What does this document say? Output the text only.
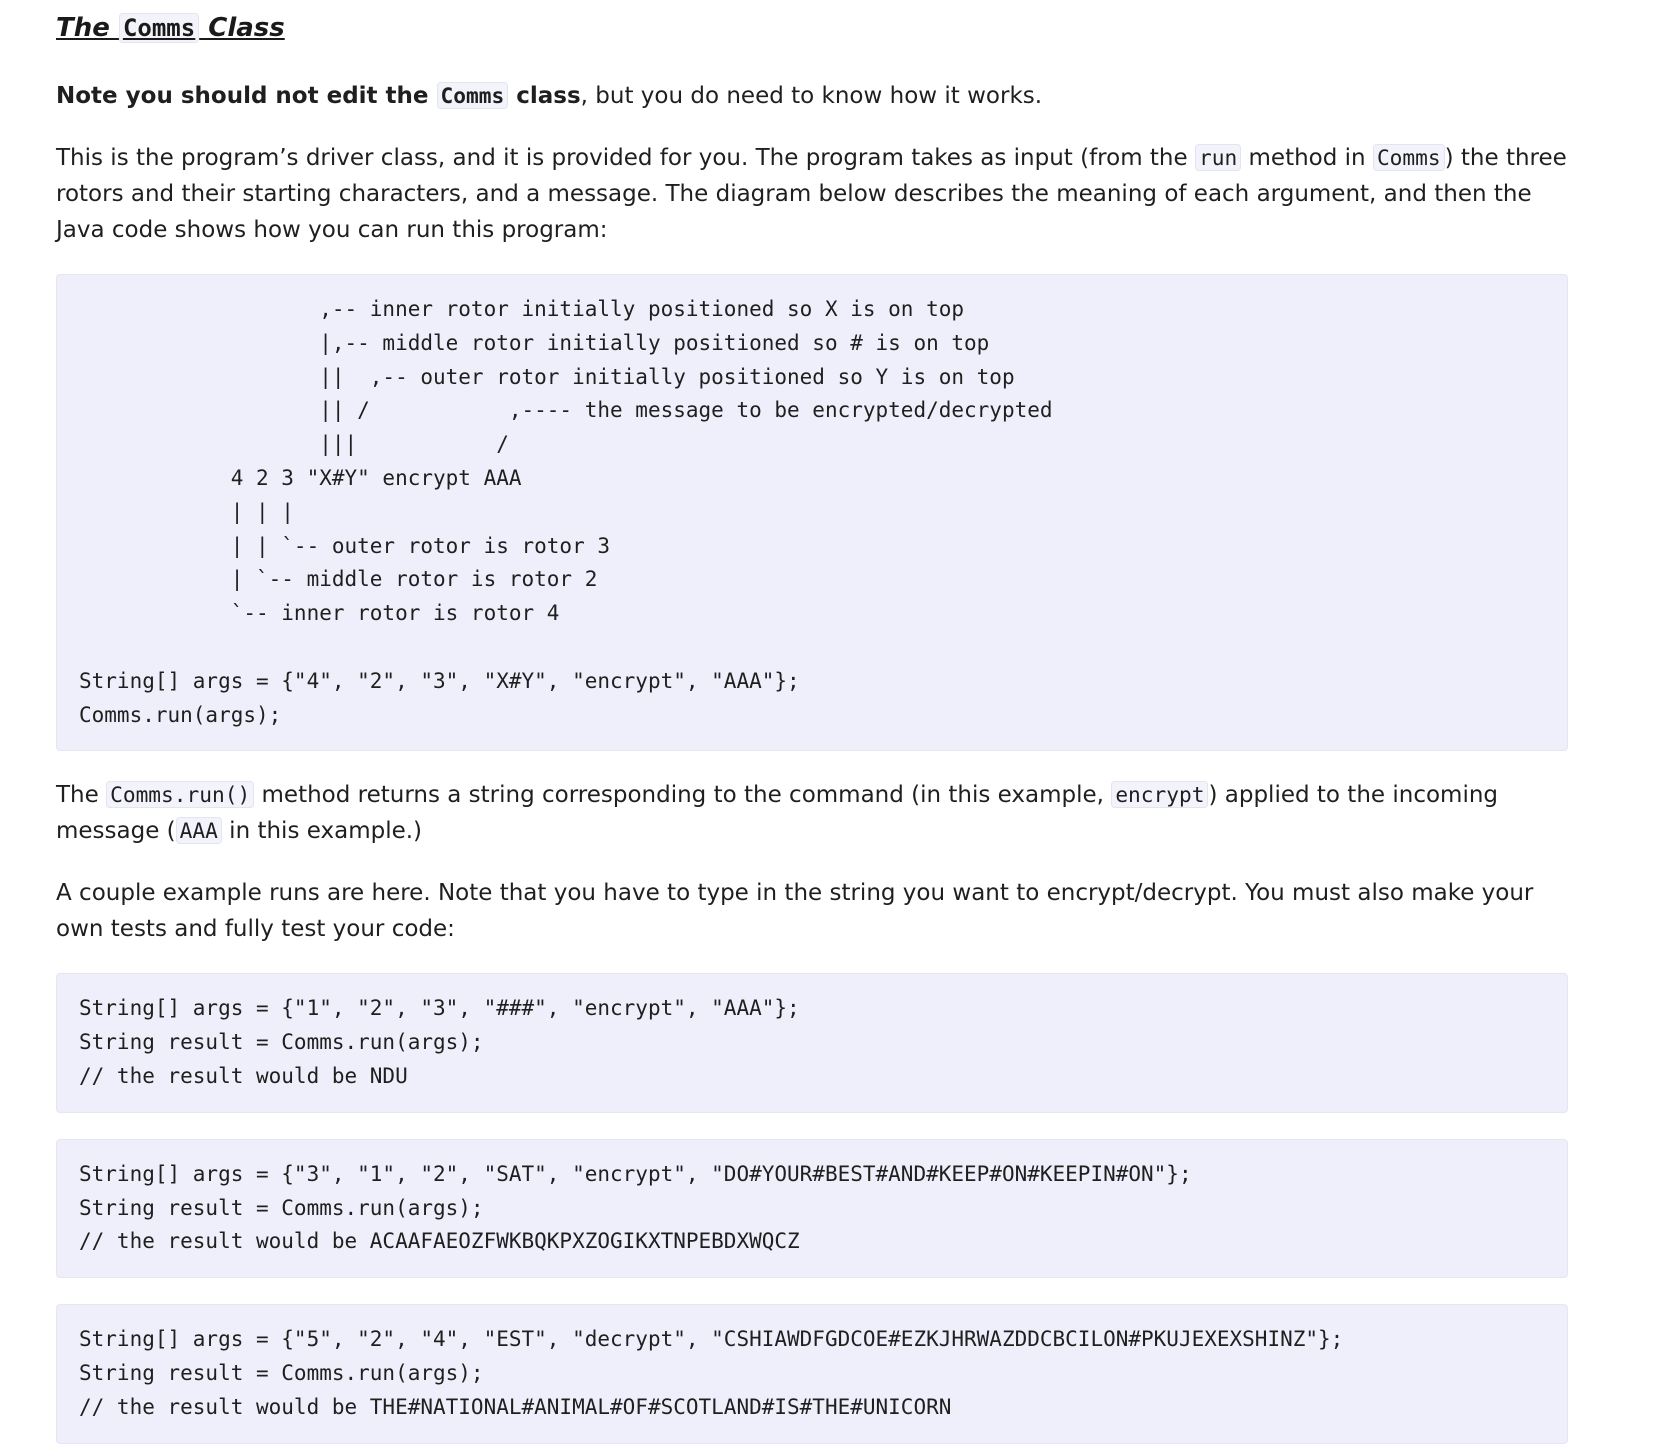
The Comms Class

Note you should not edit the Comms class, but you do need to know how it works.

This is the program’s driver class, and it is provided for you. The program takes as input (from the run method in Comms ) the three rotors and their starting characters, and a message. The diagram below describes the meaning of each argument, and then the Java code shows how you can run this program:

,-- inner rotor initially positioned so X is on top
|,-- middle rotor initially positioned so # is on top
||  ,-- outer rotor initially positioned so Y is on top
|| /           ,---- the message to be encrypted/decrypted
|||           /
4 2 3 "X#Y" encrypt AAA
| | |
| | `-- outer rotor is rotor 3
| `-- middle rotor is rotor 2
`-- inner rotor is rotor 4

String[] args = {"4", "2", "3", "X#Y", "encrypt", "AAA"};
Comms.run(args);

The Comms.run() method returns a string corresponding to the command (in this example, encrypt ) applied to the incoming message ( AAA in this example.)

A couple example runs are here. Note that you have to type in the string you want to encrypt/decrypt. You must also make your own tests and fully test your code:

String[] args = {"1", "2", "3", "###", "encrypt", "AAA"};
String result = Comms.run(args);
// the result would be NDU
String[] args = {"3", "1", "2", "SAT", "encrypt", "DO#YOUR#BEST#AND#KEEP#ON#KEEPIN#ON"};
String result = Comms.run(args);
// the result would be ACAAFAEOZFWKBQKPXZOGIKXTNPEBDXWQCZ
String[] args = {"5", "2", "4", "EST", "decrypt", "CSHIAWDFGDCOE#EZKJHRWAZDDCBCILON#PKUJEXEXSHINZ"};
String result = Comms.run(args);
// the result would be THE#NATIONAL#ANIMAL#OF#SCOTLAND#IS#THE#UNICORN
